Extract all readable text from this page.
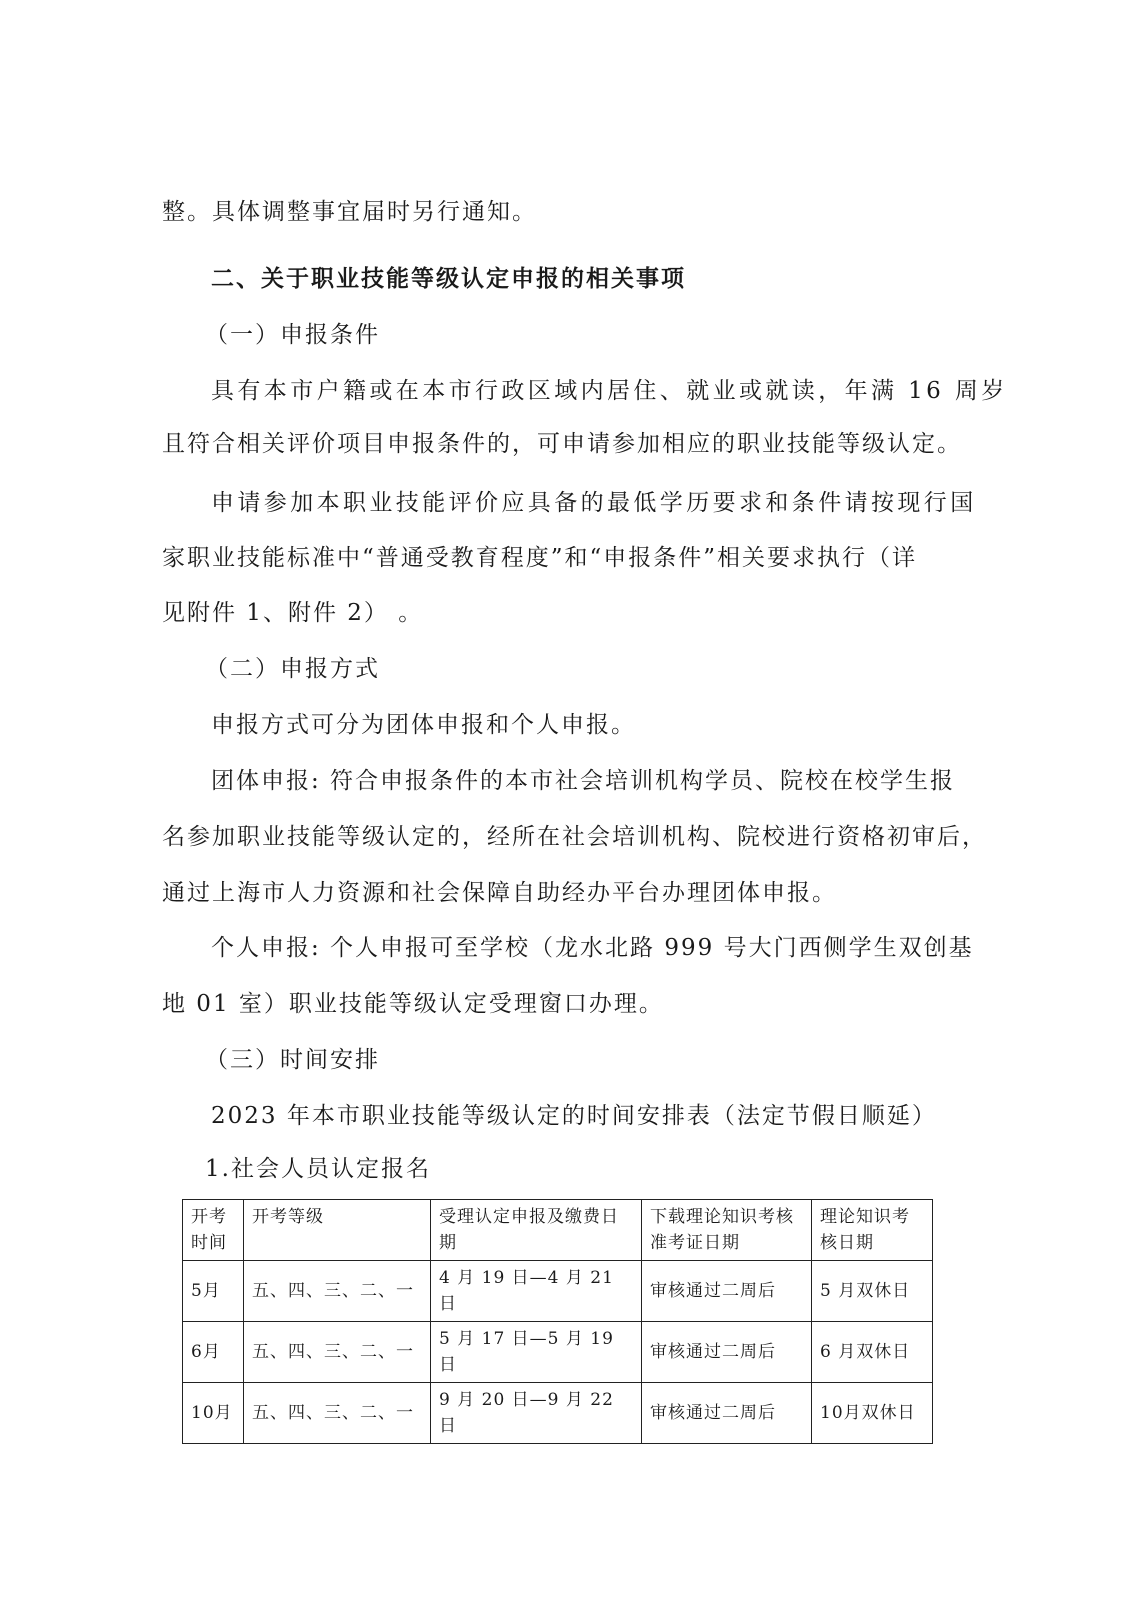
整。具体调整事宜届时另行通知。
二、关于职业技能等级认定申报的相关事项
（一）申报条件
具有本市户籍或在本市行政区域内居住、就业或就读，年满 16 周岁
且符合相关评价项目申报条件的，可申请参加相应的职业技能等级认定。
申请参加本职业技能评价应具备的最低学历要求和条件请按现行国
家职业技能标准中“普通受教育程度”和“申报条件”相关要求执行（详
见附件 1、附件 2） 。
（二）申报方式
申报方式可分为团体申报和个人申报。
团体申报: 符合申报条件的本市社会培训机构学员、院校在校学生报
名参加职业技能等级认定的，经所在社会培训机构、院校进行资格初审后，
通过上海市人力资源和社会保障自助经办平台办理团体申报。
个人申报: 个人申报可至学校（龙水北路 999 号大门西侧学生双创基
地 01 室）职业技能等级认定受理窗口办理。
（三）时间安排
2023 年本市职业技能等级认定的时间安排表（法定节假日顺延）
1.社会人员认定报名
开考时间	开考等级	受理认定申报及缴费日期	下载理论知识考核准考证日期	理论知识考核日期
5月	五、四、三、二、一	4 月 19 日—4 月 21 日	审核通过二周后	5 月双休日
6月	五、四、三、二、一	5 月 17 日—5 月 19 日	审核通过二周后	6 月双休日
10月	五、四、三、二、一	9 月 20 日—9 月 22 日	审核通过二周后	10月双休日
